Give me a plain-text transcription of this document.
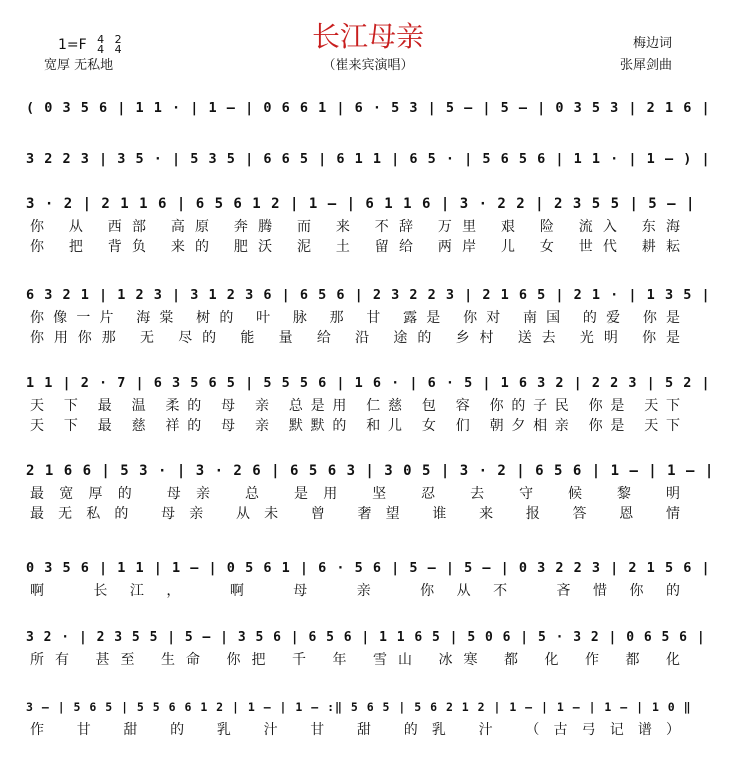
长江母亲
1=F 4
4

2
4
宽厚 无私地	（崔来宾演唱）
梅边词
张犀剑曲
( 0 3 5 6 | 1 1 · | 1 – | 0 6 6 1 | 6 · 5 3 | 5 – | 5 – | 0 3 5 3 | 2 1 6 |
3 2 2 3 | 3 5 · | 5 3 5 | 6 6 5 | 6 1 1 | 6 5 · | 5 6 5 6 | 1 1 · | 1 – ) |
3 · 2 | 2 1 1 6 | 6 5 6 1 2 | 1 – | 6 1 1 6 | 3 · 2 2 | 2 3 5 5 | 5 – |
你 从 西部 高原 奔腾 而 来 不辞 万里 艰 险 流入 东海
你 把 背负 来的 肥沃 泥 土 留给 两岸 儿 女 世代 耕耘
6 3 2 1 | 1 2 3 | 3 1 2 3 6 | 6 5 6 | 2 3 2 2 3 | 2 1 6 5 | 2 1 · | 1 3 5 |
你像一片 海棠 树的 叶 脉 那 甘 露是 你对 南国 的爱 你是
你用你那 无 尽的 能 量 给 沿 途的 乡村 送去 光明 你是
1 1 | 2 · 7 | 6 3 5 6 5 | 5 5 5 6 | 1 6 · | 6 · 5 | 1 6 3 2 | 2 2 3 | 5 2 |
天 下 最 温 柔的 母 亲 总是用 仁慈 包 容 你的子民 你是 天下
天 下 最 慈 祥的 母 亲 默默的 和儿 女 们 朝夕相亲 你是 天下
2 1 6 6 | 5 3 · | 3 · 2 6 | 6 5 6 3 | 3 0 5 | 3 · 2 | 6 5 6 | 1 – | 1 – |
最宽厚的 母亲 总 是用 坚 忍 去 守 候 黎 明
最无私的 母亲 从未 曾 奢望 谁 来 报 答 恩 情
0 3 5 6 | 1 1 | 1 – | 0 5 6 1 | 6 · 5 6 | 5 – | 5 – | 0 3 2 2 3 | 2 1 5 6 |
啊 长江， 啊 母 亲 你从不 吝惜你的
3 2 · | 2 3 5 5 | 5 – | 3 5 6 | 6 5 6 | 1 1 6 5 | 5 0 6 | 5 · 3 2 | 0 6 5 6 |
所有 甚至 生命 你把 千 年 雪山 冰寒 都 化 作 都 化
3 – | 5 6 5 | 5 5 6 6 1 2 | 1 – | 1 – :‖ 5 6 5 | 5 6 2 1 2 | 1 – | 1 – | 1 – | 1 0 ‖
作 甘 甜 的 乳 汁 甘 甜 的乳 汁 （古弓记谱）
